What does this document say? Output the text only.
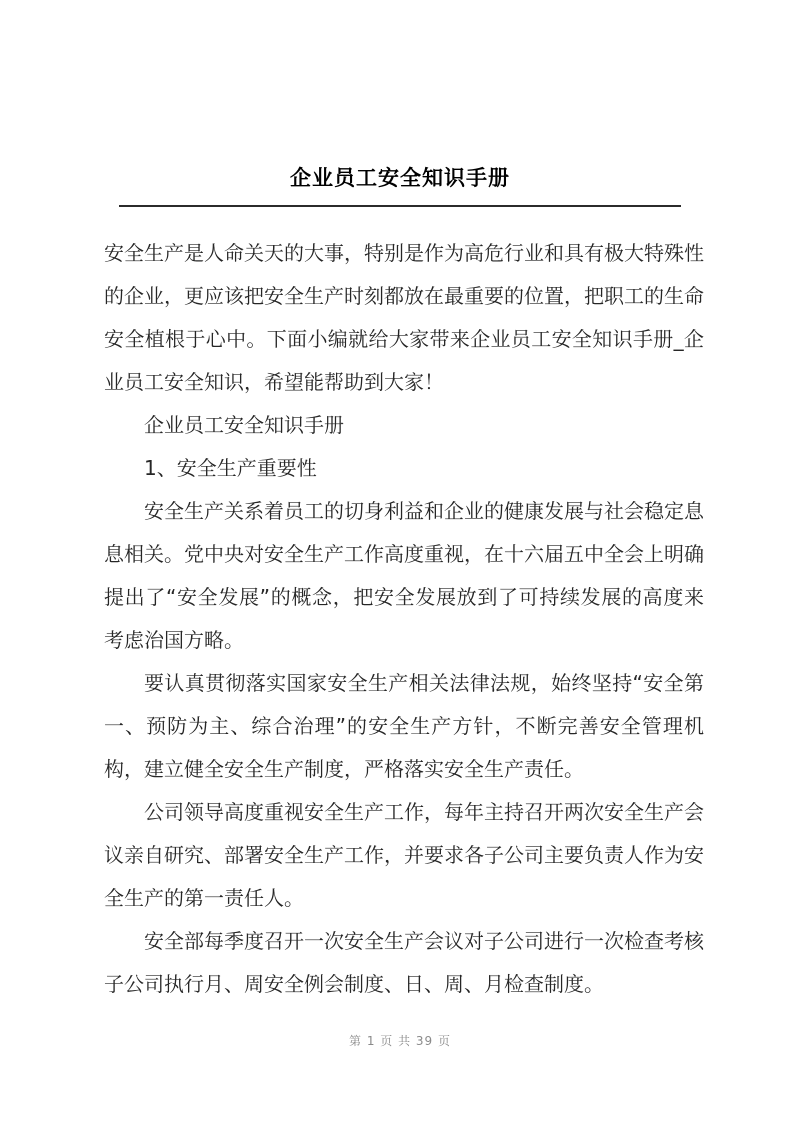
企业员工安全知识手册

安全生产是人命关天的大事，特别是作为高危行业和具有极大特殊性的企业，更应该把安全生产时刻都放在最重要的位置，把职工的生命安全植根于心中。下面小编就给大家带来企业员工安全知识手册_企业员工安全知识，希望能帮助到大家！

企业员工安全知识手册

1、安全生产重要性

安全生产关系着员工的切身利益和企业的健康发展与社会稳定息息相关。党中央对安全生产工作高度重视，在十六届五中全会上明确提出了“安全发展”的概念，把安全发展放到了可持续发展的高度来考虑治国方略。

要认真贯彻落实国家安全生产相关法律法规，始终坚持“安全第一、预防为主、综合治理”的安全生产方针，不断完善安全管理机构，建立健全安全生产制度，严格落实安全生产责任。

公司领导高度重视安全生产工作，每年主持召开两次安全生产会议亲自研究、部署安全生产工作，并要求各子公司主要负责人作为安全生产的第一责任人。

安全部每季度召开一次安全生产会议对子公司进行一次检查考核子公司执行月、周安全例会制度、日、周、月检查制度。

第 1 页 共 39 页
